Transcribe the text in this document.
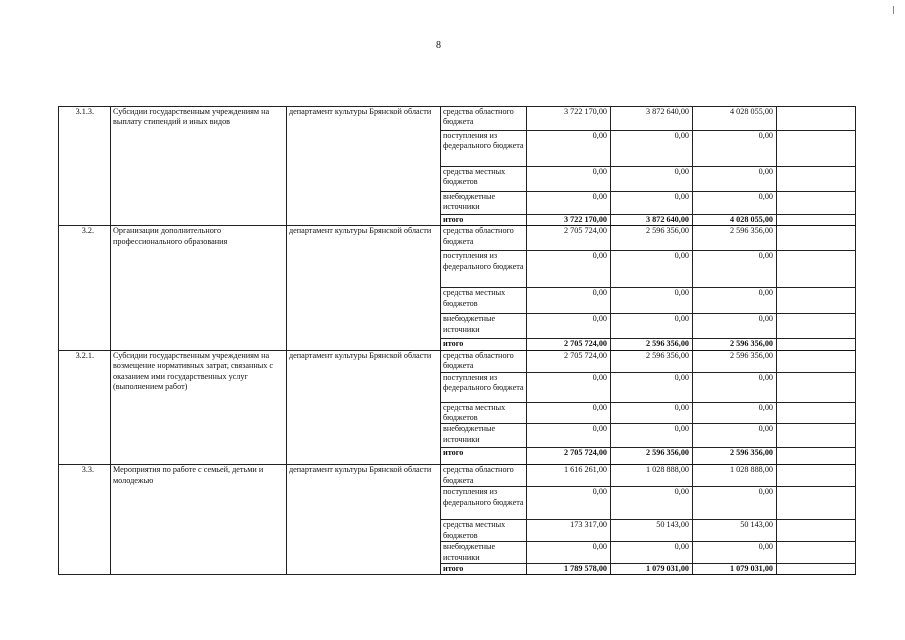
8
3.1.3.	Субсидии государственным учреждениям на выплату стипендий и иных видов	департамент культуры Брянской области	средства областного бюджета	3 722 170,00	3 872 640,00	4 028 055,00	
			поступления из федерального бюджета	0,00	0,00	0,00	
			средства местных бюджетов	0,00	0,00	0,00	
			внебюджетные источники	0,00	0,00	0,00	
			итого	3 722 170,00	3 872 640,00	4 028 055,00	
3.2.	Организации дополнительного профессионального образования	департамент культуры Брянской области	средства областного бюджета	2 705 724,00	2 596 356,00	2 596 356,00	
			поступления из федерального бюджета	0,00	0,00	0,00	
			средства местных бюджетов	0,00	0,00	0,00	
			внебюджетные источники	0,00	0,00	0,00	
			итого	2 705 724,00	2 596 356,00	2 596 356,00	
3.2.1.	Субсидии государственным учреждениям на возмещение нормативных затрат, связанных с оказанием ими государственных услуг (выполнением работ)	департамент культуры Брянской области	средства областного бюджета	2 705 724,00	2 596 356,00	2 596 356,00	
			поступления из федерального бюджета	0,00	0,00	0,00	
			средства местных бюджетов	0,00	0,00	0,00	
			внебюджетные источники	0,00	0,00	0,00	
			итого	2 705 724,00	2 596 356,00	2 596 356,00	
3.3.	Мероприятия по работе с семьей, детьми и молодежью	департамент культуры Брянской области	средства областного бюджета	1 616 261,00	1 028 888,00	1 028 888,00	
			поступления из федерального бюджета	0,00	0,00	0,00	
			средства местных бюджетов	173 317,00	50 143,00	50 143,00	
			внебюджетные источники	0,00	0,00	0,00	
			итого	1 789 578,00	1 079 031,00	1 079 031,00	
